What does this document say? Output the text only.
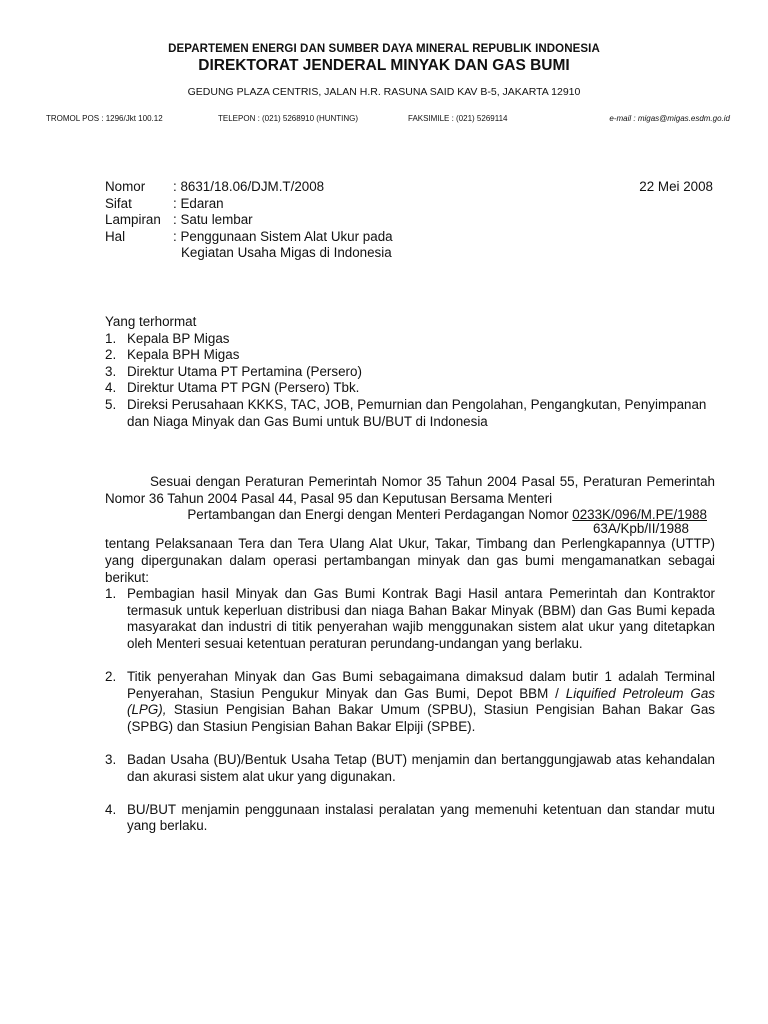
DEPARTEMEN ENERGI DAN SUMBER DAYA MINERAL REPUBLIK INDONESIA
DIREKTORAT JENDERAL MINYAK DAN GAS BUMI
GEDUNG PLAZA CENTRIS, JALAN H.R. RASUNA SAID KAV B-5, JAKARTA 12910
TROMOL POS : 1296/Jkt 100.12	TELEPON : (021) 5268910 (HUNTING)	FAKSIMILE : (021) 5269114	e-mail : migas@migas.esdm.go.id
Nomor : 8631/18.06/DJM.T/2008	22 Mei 2008
Sifat	: Edaran
Lampiran : Satu lembar
Hal	: Penggunaan Sistem Alat Ukur pada
Kegiatan Usaha Migas di Indonesia
Yang terhormat
1. Kepala BP Migas
2. Kepala BPH Migas
3. Direktur Utama PT Pertamina (Persero)
4. Direktur Utama PT PGN (Persero) Tbk.
5. Direksi Perusahaan KKKS, TAC, JOB, Pemurnian dan Pengolahan, Pengangkutan, Penyimpanan dan Niaga Minyak dan Gas Bumi untuk BU/BUT di Indonesia
Sesuai dengan Peraturan Pemerintah Nomor 35 Tahun 2004 Pasal 55, Peraturan Pemerintah Nomor 36 Tahun 2004 Pasal 44, Pasal 95 dan Keputusan Bersama Menteri
Pertambangan dan Energi dengan Menteri Perdagangan Nomor 0233K/096/M.PE/1988
63A/Kpb/II/1988
tentang Pelaksanaan Tera dan Tera Ulang Alat Ukur, Takar, Timbang dan Perlengkapannya (UTTP) yang dipergunakan dalam operasi pertambangan minyak dan gas bumi mengamanatkan sebagai berikut:
1. Pembagian hasil Minyak dan Gas Bumi Kontrak Bagi Hasil antara Pemerintah dan Kontraktor termasuk untuk keperluan distribusi dan niaga Bahan Bakar Minyak (BBM) dan Gas Bumi kepada masyarakat dan industri di titik penyerahan wajib menggunakan sistem alat ukur yang ditetapkan oleh Menteri sesuai ketentuan peraturan perundang-undangan yang berlaku.
2. Titik penyerahan Minyak dan Gas Bumi sebagaimana dimaksud dalam butir 1 adalah Terminal Penyerahan, Stasiun Pengukur Minyak dan Gas Bumi, Depot BBM / Liquified Petroleum Gas (LPG), Stasiun Pengisian Bahan Bakar Umum (SPBU), Stasiun Pengisian Bahan Bakar Gas (SPBG) dan Stasiun Pengisian Bahan Bakar Elpiji (SPBE).
3. Badan Usaha (BU)/Bentuk Usaha Tetap (BUT) menjamin dan bertanggungjawab atas kehandalan dan akurasi sistem alat ukur yang digunakan.
4. BU/BUT menjamin penggunaan instalasi peralatan yang memenuhi ketentuan dan standar mutu yang berlaku.
